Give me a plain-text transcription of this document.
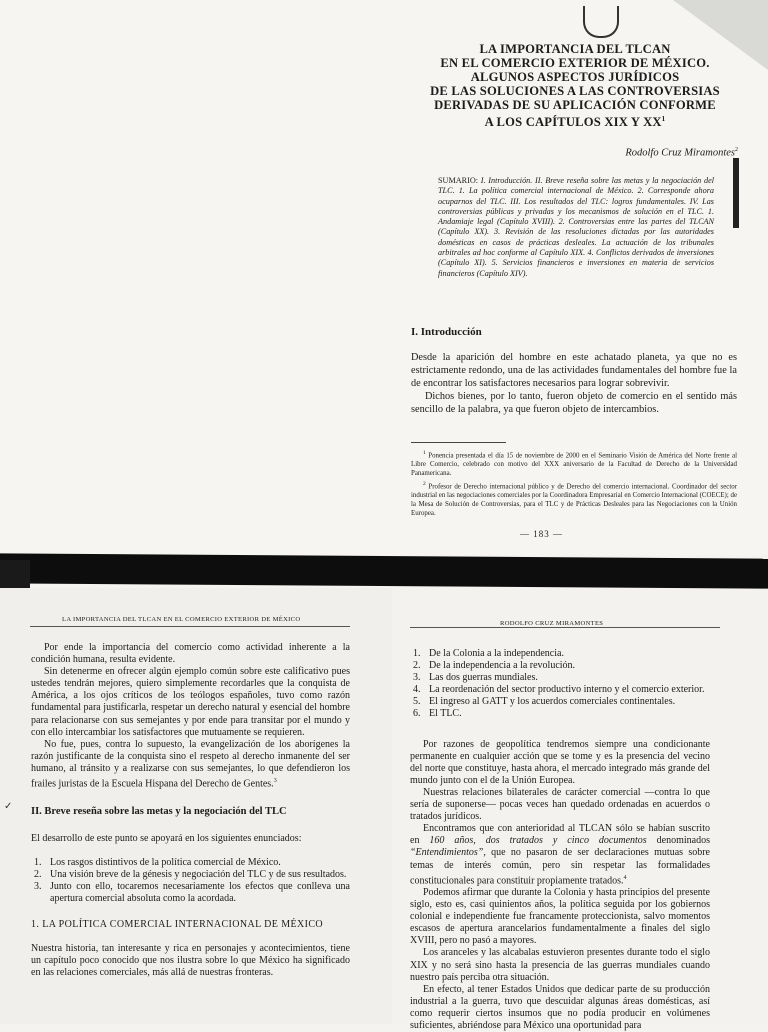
LA IMPORTANCIA DEL TLCAN
EN EL COMERCIO EXTERIOR DE MÉXICO.
ALGUNOS ASPECTOS JURÍDICOS
DE LAS SOLUCIONES A LAS CONTROVERSIAS
DERIVADAS DE SU APLICACIÓN CONFORME
A LOS CAPÍTULOS XIX Y $XX^1$
Rodolfo Cruz Miramontes$^2$
SUMARIO: I. Introducción. II. Breve reseña sobre las metas y la negociación del TLC. 1. La política comercial internacional de México. 2. Corresponde ahora ocuparnos del TLC. III. Los resultados del TLC: logros fundamentales. IV. Las controversias públicas y privadas y los mecanismos de solución en el TLC. 1. Andamiaje legal (Capítulo XVIII). 2. Controversias entre las partes del TLCAN (Capítulo XX). 3. Revisión de las resoluciones dictadas por las autoridades domésticas en casos de prácticas desleales. La actuación de los tribunales arbitrales ad hoc conforme al Capítulo XIX. 4. Conflictos derivados de inversiones (Capítulo XI). 5. Servicios financieros e inversiones en materia de servicios financieros (Capítulo XIV).
I. Introducción

Desde la aparición del hombre en este achatado planeta, ya que no es estrictamente redondo, una de las actividades fundamentales del hombre fue la de encontrar los satisfactores necesarios para lograr sobrevivir.

Dichos bienes, por lo tanto, fueron objeto de comercio en el sentido más sencillo de la palabra, ya que fueron objeto de intercambios.

$^1$ Ponencia presentada el día 15 de noviembre de 2000 en el Seminario Visión de América del Norte frente al Libre Comercio, celebrado con motivo del XXX aniversario de la Facultad de Derecho de la Universidad Panamericana.

$^2$ Profesor de Derecho internacional público y de Derecho del comercio internacional. Coordinador del sector industrial en las negociaciones comerciales por la Coordinadora Empresarial en Comercio Internacional (COECE); de la Mesa de Solución de Controversias, para el TLC y de Prácticas Desleales para las Negociaciones con la Unión Europea.

— 183 —
LA IMPORTANCIA DEL TLCAN EN EL COMERCIO EXTERIOR DE MÉXICO
✓

Por ende la importancia del comercio como actividad inherente a la condición humana, resulta evidente.

Sin detenerme en ofrecer algún ejemplo común sobre este calificativo pues ustedes tendrán mejores, quiero simplemente recordarles que la conquista de América, a los ojos críticos de los teólogos españoles, tuvo como razón fundamental para justificarla, respetar un derecho natural y esencial del hombre para relacionarse con sus semejantes y por ende para transitar por el mundo y con ello intercambiar los satisfactores que mutuamente se requieren.

No fue, pues, contra lo supuesto, la evangelización de los aborígenes la razón justificante de la conquista sino el respeto al derecho inmanente del ser humano, al tránsito y a realizarse con sus semejantes, lo que defendieron los frailes juristas de la Escuela Hispana del Derecho de Gentes.$^3$

II. Breve reseña sobre las metas y la negociación del TLC

El desarrollo de este punto se apoyará en los siguientes enunciados:

1. Los rasgos distintivos de la política comercial de México.
2. Una visión breve de la génesis y negociación del TLC y de sus resultados.
3. Junto con ello, tocaremos necesariamente los efectos que conlleva una apertura comercial absoluta como la acordada.

1. LA POLÍTICA COMERCIAL INTERNACIONAL DE MÉXICO

Nuestra historia, tan interesante y rica en personajes y acontecimientos, tiene un capítulo poco conocido que nos ilustra sobre lo que México ha significado en las relaciones comerciales, más allá de nuestras fronteras.

RODOLFO CRUZ MIRAMONTES
1. De la Colonia a la independencia.
2. De la independencia a la revolución.
3. Las dos guerras mundiales.
4. La reordenación del sector productivo interno y el comercio exterior.
5. El ingreso al GATT y los acuerdos comerciales continentales.
6. El TLC.

Por razones de geopolítica tendremos siempre una condicionante permanente en cualquier acción que se tome y es la presencia del vecino del norte que constituye, hasta ahora, el mercado integrado más grande del mundo junto con el de la Unión Europea.

Nuestras relaciones bilaterales de carácter comercial —contra lo que sería de suponerse— pocas veces han quedado ordenadas en acuerdos o tratados jurídicos.

Encontramos que con anterioridad al TLCAN sólo se habían suscrito en 160 años, dos tratados y cinco documentos denominados “Entendimientos”, que no pasaron de ser declaraciones mutuas sobre temas de interés común, pero sin respetar las formalidades constitucionales para constituir propiamente tratados.$^4$

Podemos afirmar que durante la Colonia y hasta principios del presente siglo, esto es, casi quinientos años, la política seguida por los gobiernos colonial e independiente fue francamente proteccionista, salvo momentos escasos de apertura arancelarios fundamentalmente a finales del siglo XVIII, pero no pasó a mayores.

Los aranceles y las alcabalas estuvieron presentes durante todo el siglo XIX y no será sino hasta la presencia de las guerras mundiales cuando nuestro país perciba otra situación.

En efecto, al tener Estados Unidos que dedicar parte de su producción industrial a la guerra, tuvo que descuidar algunas áreas domésticas, así como requerir ciertos insumos que no podía producir en volúmenes suficientes, abriéndose para México una oportunidad para
